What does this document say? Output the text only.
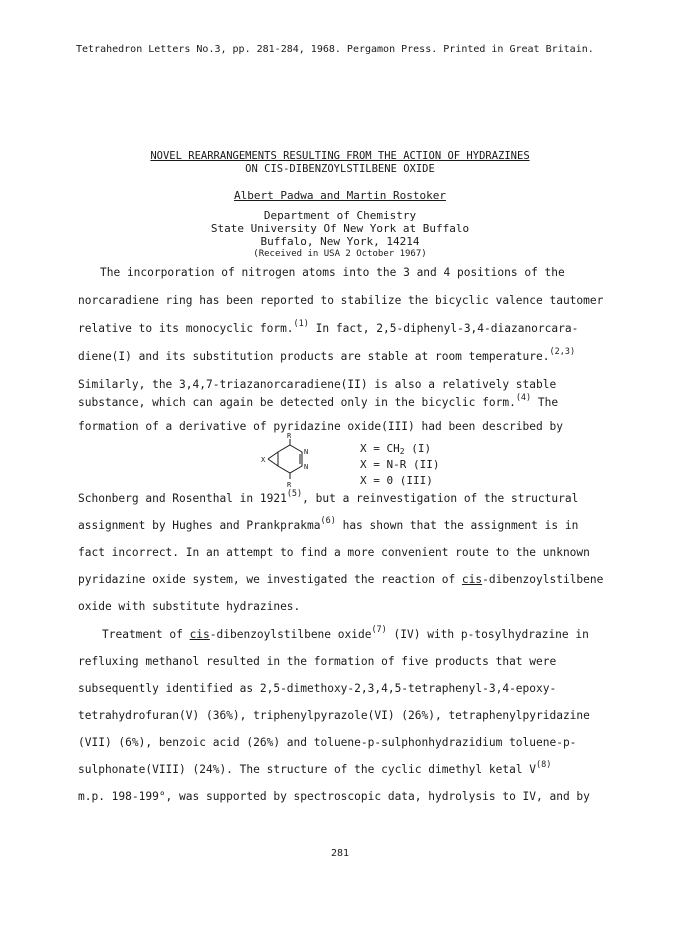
Tetrahedron Letters No.3, pp. 281-284, 1968. Pergamon Press. Printed in Great Britain.
NOVEL REARRANGEMENTS RESULTING FROM THE ACTION OF HYDRAZINES
ON CIS-DIBENZOYLSTILBENE OXIDE
Albert Padwa and Martin Rostoker
Department of Chemistry
State University Of New York at Buffalo
Buffalo, New York, 14214
(Received in USA 2 October 1967)
The incorporation of nitrogen atoms into the 3 and 4 positions of the
norcaradiene ring has been reported to stabilize the bicyclic valence tautomer
relative to its monocyclic form.$^{(1)}$ In fact, 2,5-diphenyl-3,4-diazanorcara-
diene(I) and its substitution products are stable at room temperature.$^{(2,3)}$
Similarly, the 3,4,7-triazanorcaradiene(II) is also a relatively stable
substance, which can again be detected only in the bicyclic form.$^{(4)}$ The
formation of a derivative of pyridazine oxide(III) had been described by
R
N
N
X
R
$X = CH_2$ (I)
X = N-R (II)
X = 0 (III)
Schonberg and Rosenthal in 1921$^{(5)}$, but a reinvestigation of the structural
assignment by Hughes and Prankprakma$^{(6)}$ has shown that the assignment is in
fact incorrect. In an attempt to find a more convenient route to the unknown
pyridazine oxide system, we investigated the reaction of cis-dibenzoylstilbene
oxide with substitute hydrazines.
Treatment of cis-dibenzoylstilbene oxide$^{(7)}$ (IV) with p-tosylhydrazine in
refluxing methanol resulted in the formation of five products that were
subsequently identified as 2,5-dimethoxy-2,3,4,5-tetraphenyl-3,4-epoxy-
tetrahydrofuran(V) (36%), triphenylpyrazole(VI) (26%), tetraphenylpyridazine
(VII) (6%), benzoic acid (26%) and toluene-p-sulphonhydrazidium toluene-p-
sulphonate(VIII) (24%). The structure of the cyclic dimethyl ketal $V^{(8)}$
m.p. 198-199°, was supported by spectroscopic data, hydrolysis to IV, and by
281
